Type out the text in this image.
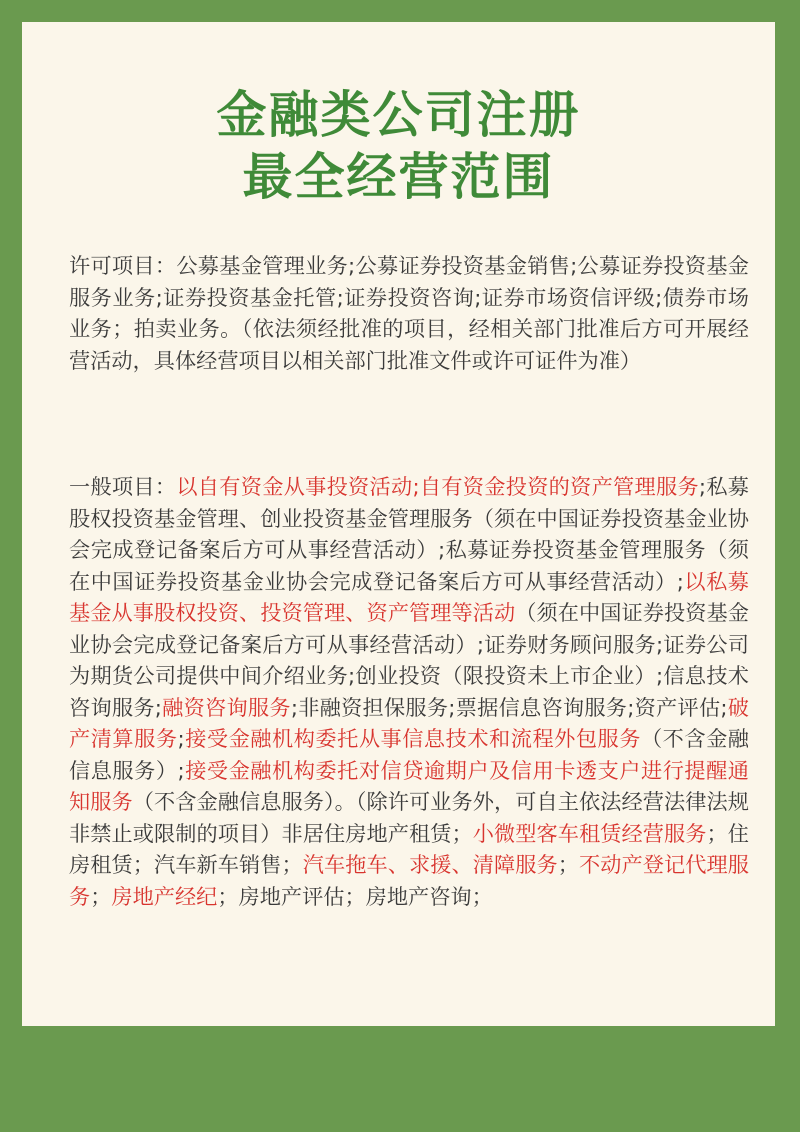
金融类公司注册
最全经营范围
许可项目：公募基金管理业务;公募证券投资基金销售;公募证券投资基金服务业务;证券投资基金托管;证券投资咨询;证券市场资信评级;债券市场业务；拍卖业务。（依法须经批准的项目，经相关部门批准后方可开展经营活动，具体经营项目以相关部门批准文件或许可证件为准）
一般项目：以自有资金从事投资活动;自有资金投资的资产管理服务;私募股权投资基金管理、创业投资基金管理服务（须在中国证券投资基金业协会完成登记备案后方可从事经营活动）;私募证券投资基金管理服务（须在中国证券投资基金业协会完成登记备案后方可从事经营活动）;以私募基金从事股权投资、投资管理、资产管理等活动（须在中国证券投资基金业协会完成登记备案后方可从事经营活动）;证券财务顾问服务;证券公司为期货公司提供中间介绍业务;创业投资（限投资未上市企业）;信息技术咨询服务;融资咨询服务;非融资担保服务;票据信息咨询服务;资产评估;破产清算服务;接受金融机构委托从事信息技术和流程外包服务（不含金融信息服务）;接受金融机构委托对信贷逾期户及信用卡透支户进行提醒通知服务（不含金融信息服务）。（除许可业务外，可自主依法经营法律法规非禁止或限制的项目）非居住房地产租赁；小微型客车租赁经营服务；住房租赁；汽车新车销售；汽车拖车、求援、清障服务；不动产登记代理服务；房地产经纪；房地产评估；房地产咨询；
